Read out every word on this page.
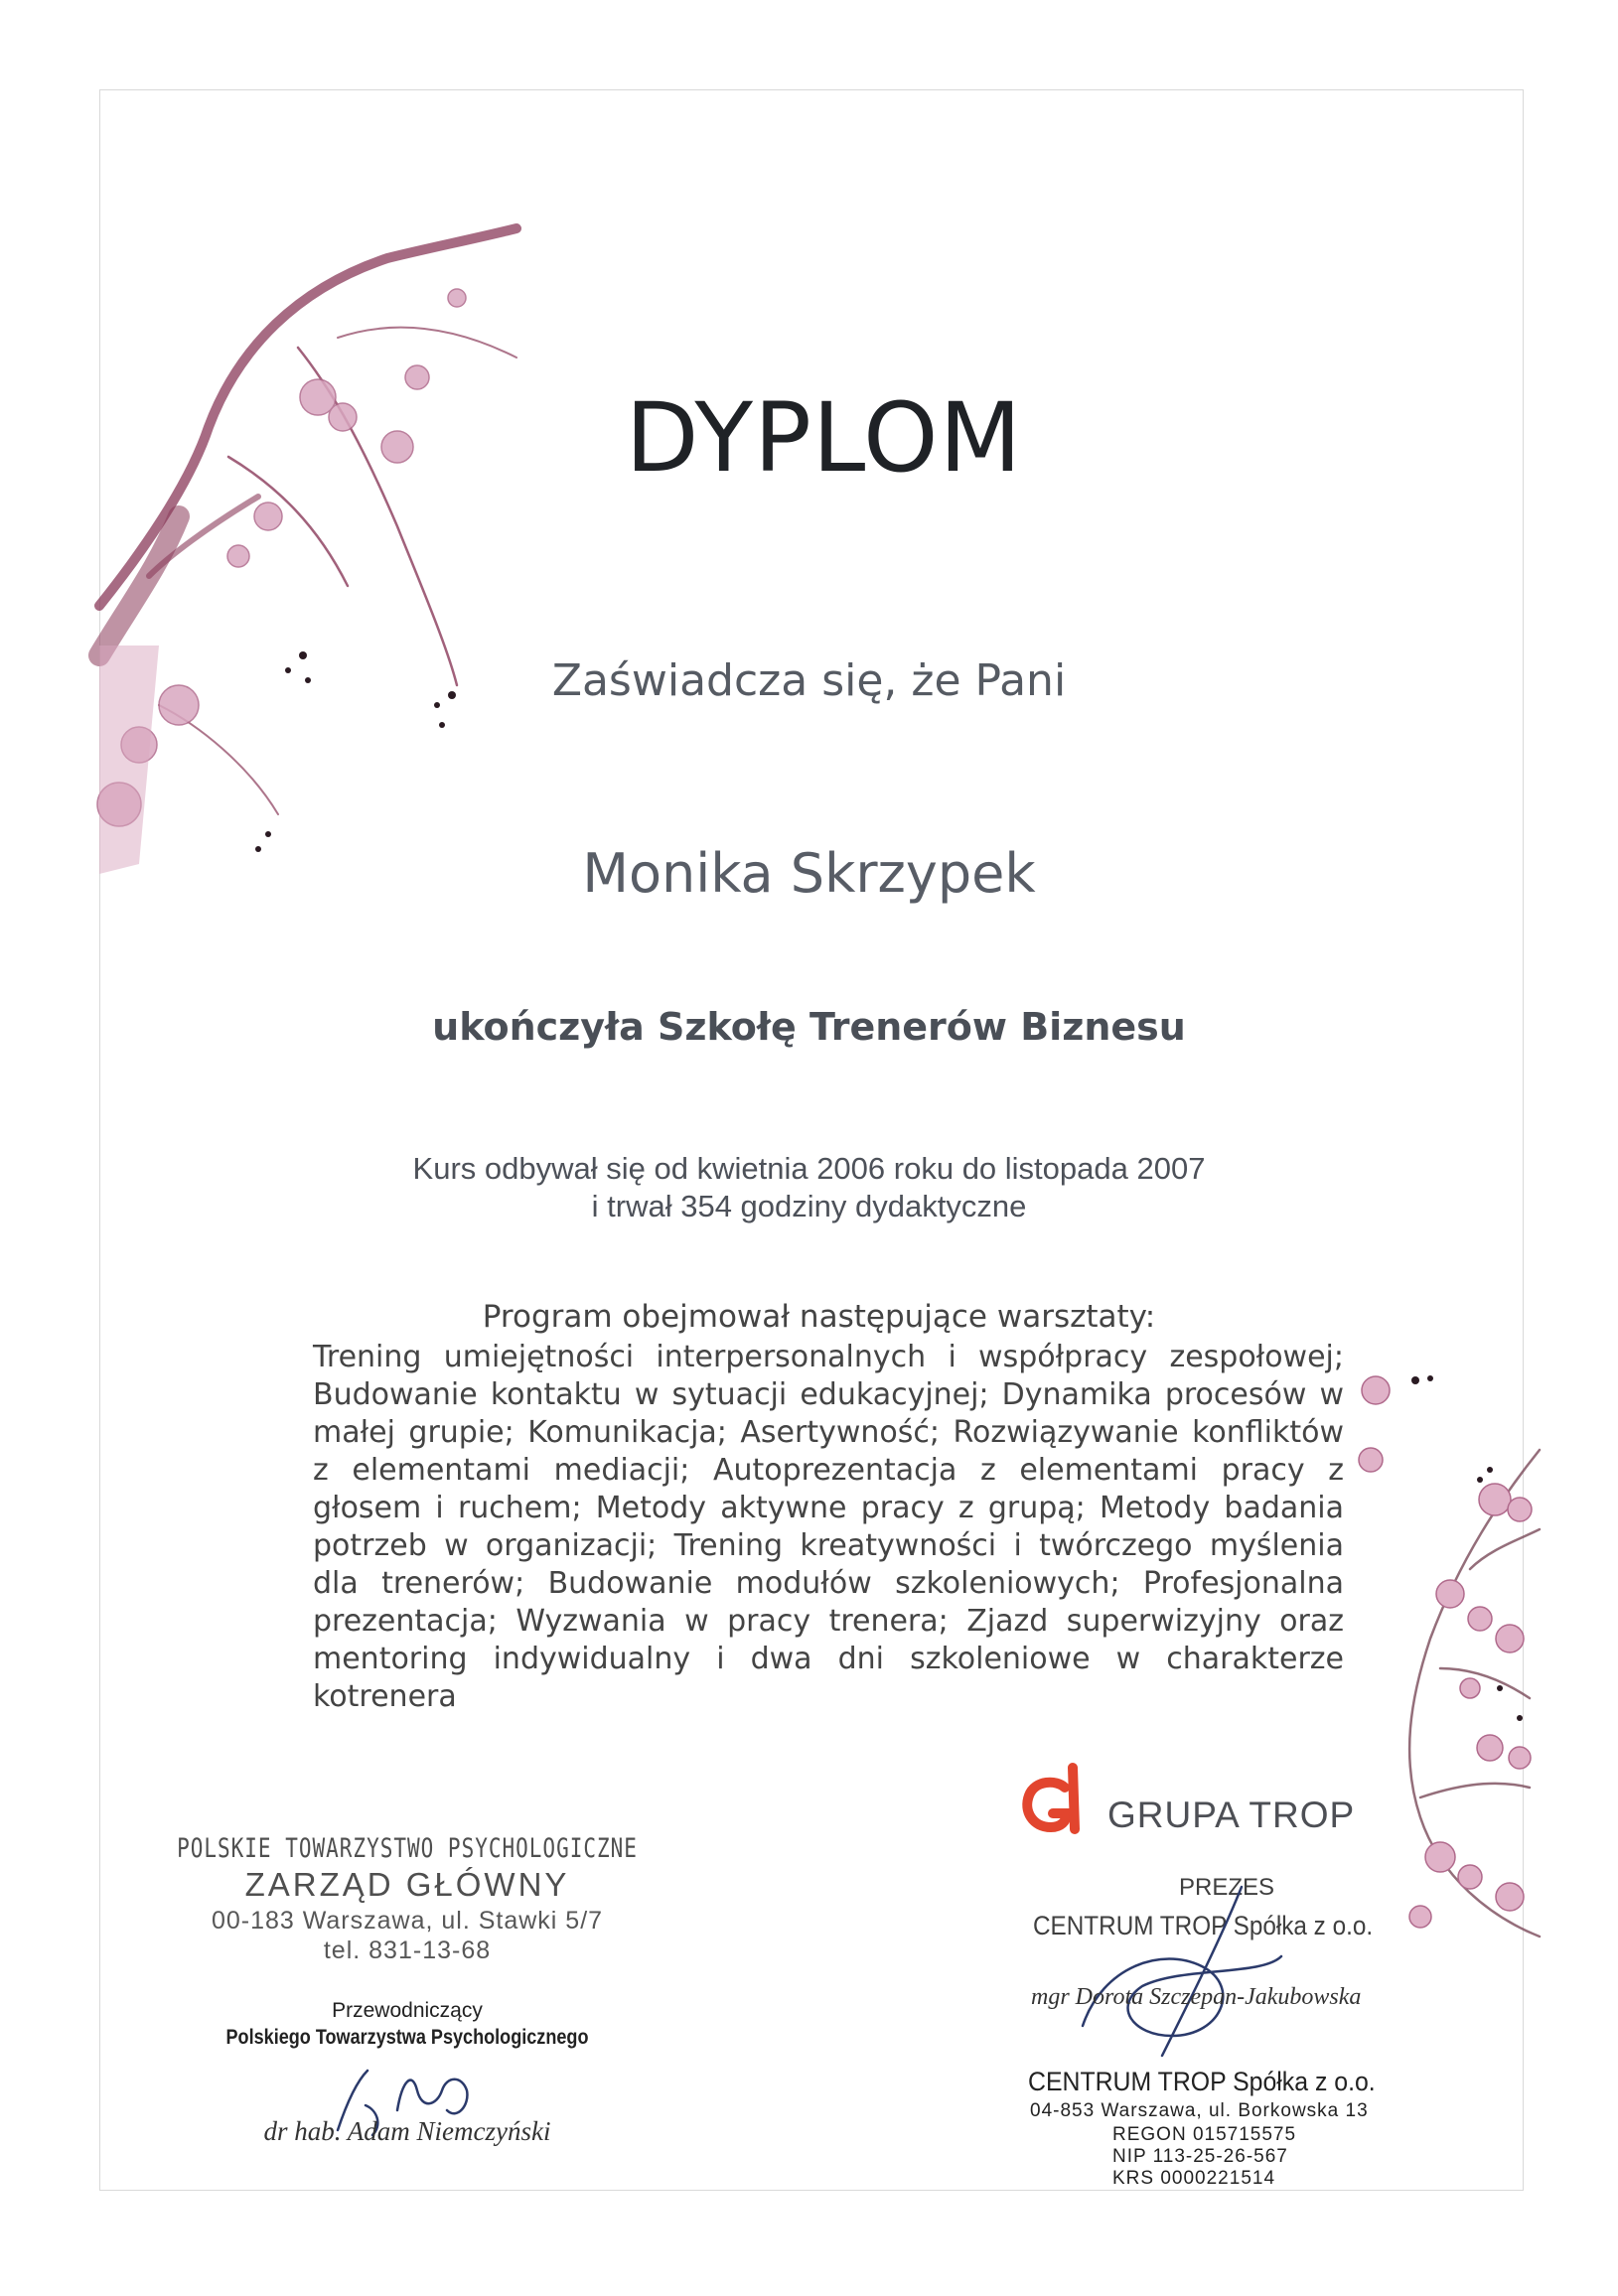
DYPLOM
Zaświadcza się, że Pani
Monika Skrzypek
ukończyła Szkołę Trenerów Biznesu
Kurs odbywał się od kwietnia 2006 roku do listopada 2007
i trwał 354 godziny dydaktyczne
Program obejmował następujące warsztaty:
Trening umiejętności interpersonalnych i współpracy zespołowej; Budowanie kontaktu w sytuacji edukacyjnej; Dynamika procesów w małej grupie; Komunikacja; Asertywność; Rozwiązywanie konfliktów z elementami mediacji; Autoprezentacja z elementami pracy z głosem i ruchem; Metody aktywne pracy z grupą; Metody badania potrzeb w organizacji; Trening kreatywności i twórczego myślenia dla trenerów; Budowanie modułów szkoleniowych; Profesjonalna prezentacja; Wyzwania w pracy trenera; Zjazd superwizyjny oraz mentoring indywidualny i dwa dni szkoleniowe w charakterze kotrenera
POLSKIE TOWARZYSTWO PSYCHOLOGICZNE
ZARZĄD GŁÓWNY
00-183 Warszawa, ul. Stawki 5/7
tel. 831-13-68
Przewodniczący
Polskiego Towarzystwa Psychologicznego
dr hab. Adam Niemczyński
GRUPA TROP
PREZES
CENTRUM TROP Spółka z o.o.
mgr Dorota Szczepan-Jakubowska
CENTRUM TROP Spółka z o.o.
04-853 Warszawa, ul. Borkowska 13
REGON 015715575
NIP 113-25-26-567
KRS 0000221514
